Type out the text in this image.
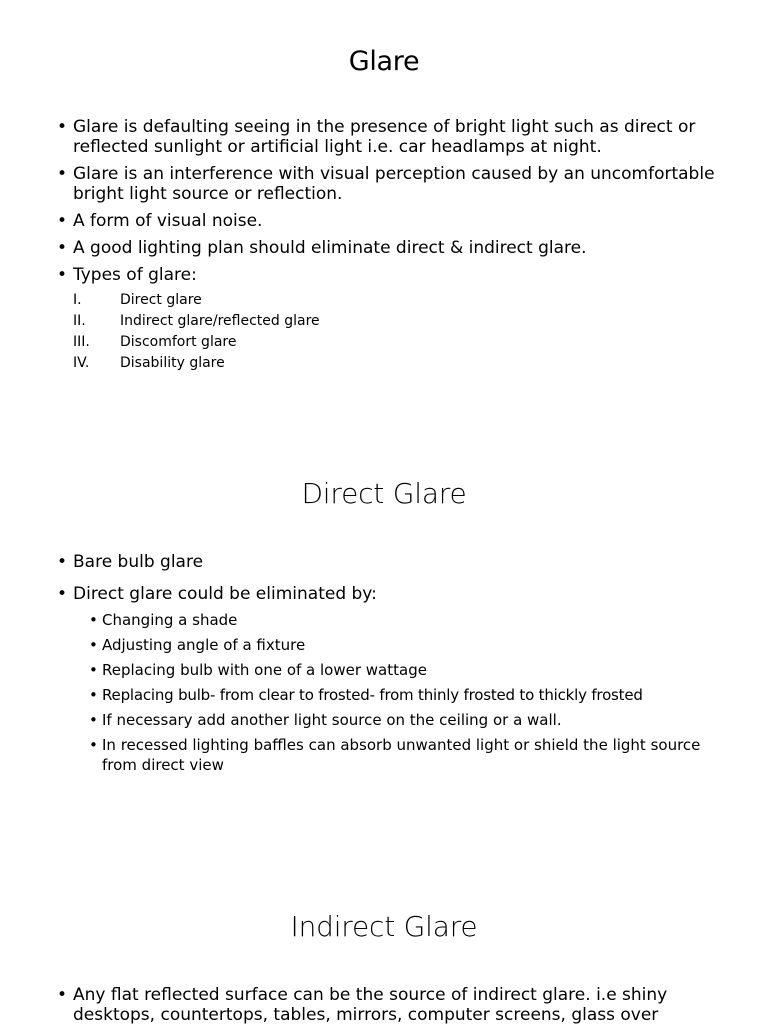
Glare
• Glare is defaulting seeing in the presence of bright light such as direct or reflected sunlight or artificial light i.e. car headlamps at night.
• Glare is an interference with visual perception caused by an uncomfortable bright light source or reflection.
• A form of visual noise.
• A good lighting plan should eliminate direct & indirect glare.
• Types of glare:
I.	Direct glare
II. Indirect glare/reflected glare
III. Discomfort glare
IV. Disability glare
Direct Glare
• Bare bulb glare
• Direct glare could be eliminated by:
• Changing a shade
• Adjusting angle of a fixture
• Replacing bulb with one of a lower wattage
• Replacing bulb- from clear to frosted- from thinly frosted to thickly frosted
• If necessary add another light source on the ceiling or a wall.
• In recessed lighting baffles can absorb unwanted light or shield the light source from direct view
Indirect Glare
• Any flat reflected surface can be the source of indirect glare. i.e shiny desktops, countertops, tables, mirrors, computer screens, glass over
